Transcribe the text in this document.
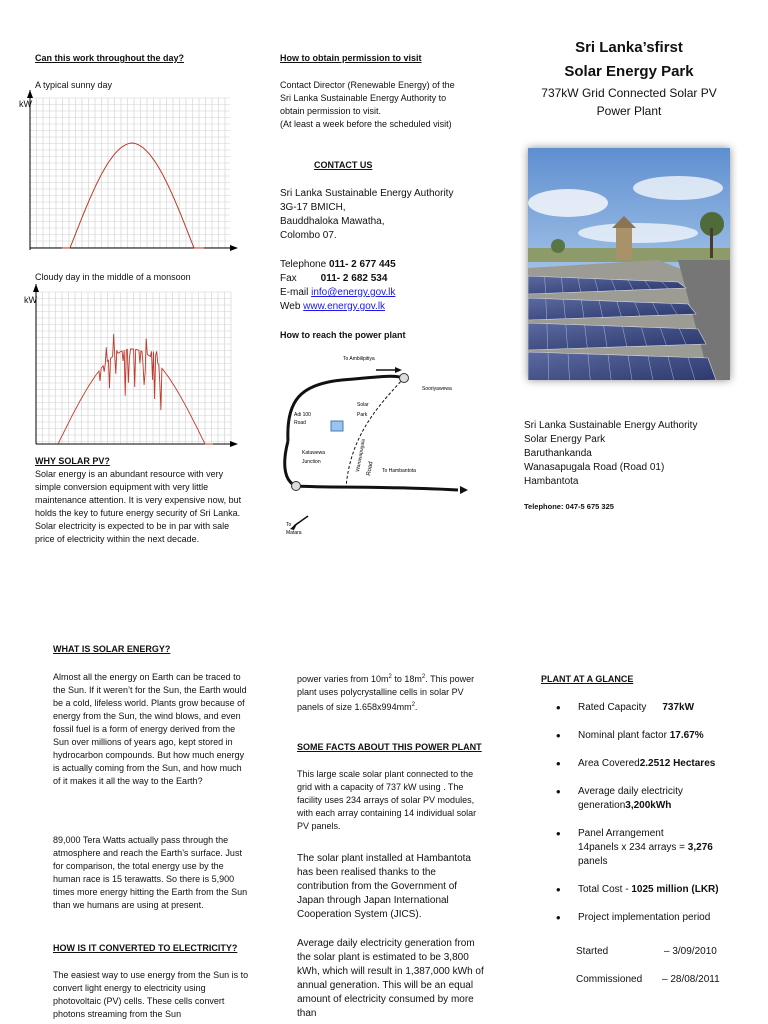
Can this work throughout the day?
A typical sunny day
kW
Cloudy day in the middle of a monsoon
kW
WHY SOLAR PV?
Solar energy is an abundant resource with very simple conversion equipment with very little maintenance attention. It is very expensive now, but holds the key to future energy security of Sri Lanka. Solar electricity is expected to be in par with sale price of electricity within the next decade.
How to obtain permission to visit
Contact Director (Renewable Energy) of the
Sri Lanka Sustainable Energy Authority to
obtain permission to visit.
(At least a week before the scheduled visit)
CONTACT US
Sri Lanka Sustainable Energy Authority
3G-17 BMICH,
Bauddhaloka Mawatha,
Colombo 07.
Telephone 011- 2 677 445
Fax 011- 2 682 534
E-mail info@energy.gov.lk
Web www.energy.gov.lk
How to reach the power plant
To Ambilipitiya
Sooriyawewa
Solar
Park
Adi 100
Road
Katuwewa
Junction	Wanasapugala Road To Hambantota
To
Matara
Sri Lanka’sfirst
Solar Energy Park
737kW Grid Connected Solar PV
Power Plant
Sri Lanka Sustainable Energy Authority
Solar Energy Park
Baruthankanda
Wanasapugala Road (Road 01)
Hambantota
Telephone: 047-5 675 325
WHAT IS SOLAR ENERGY?
Almost all the energy on Earth can be traced to the Sun. If it weren’t for the Sun, the Earth would be a cold, lifeless world. Plants grow because of energy from the Sun, the wind blows, and even fossil fuel is a form of energy derived from the Sun over millions of years ago, kept stored in hydrocarbon compounds. But how much energy is actually coming from the Sun, and how much of it makes it all the way to the Earth?
89,000 Tera Watts actually pass through the atmosphere and reach the Earth’s surface. Just for comparison, the total energy use by the human race is 15 terawatts. So there is 5,900 times more energy hitting the Earth from the Sun than we humans are using at present.
HOW IS IT CONVERTED TO ELECTRICITY?
The easiest way to use energy from the Sun is to convert light energy to electricity using photovoltaic (PV) cells. These cells convert photons streaming from the Sun
power varies from $10m^2$ to $18m^2$. This power plant uses polycrystalline cells in solar PV panels of size $1.658x994mm^2$.
SOME FACTS ABOUT THIS POWER PLANT
This large scale solar plant connected to the grid with a capacity of 737 kW using . The facility uses 234 arrays of solar PV modules, with each array containing 14 individual solar PV panels.
The solar plant installed at Hambantota has been realised thanks to the contribution from the Government of Japan through Japan International Cooperation System (JICS).
Average daily electricity generation from the solar plant is estimated to be 3,800 kWh, which will result in 1,387,000 kWh of annual generation. This will be an equal amount of electricity consumed by more than
PLANT AT A GLANCE
• Rated Capacity 737kW
• Nominal plant factor 17.67%
• Area Covered2.2512 Hectares
• Average daily electricity
generation3,200kWh
• Panel Arrangement
14panels x 234 arrays = 3,276
panels
• Total Cost - 1025 million (LKR)
• Project implementation period
Started	– 3/09/2010
Commissioned – 28/08/2011
